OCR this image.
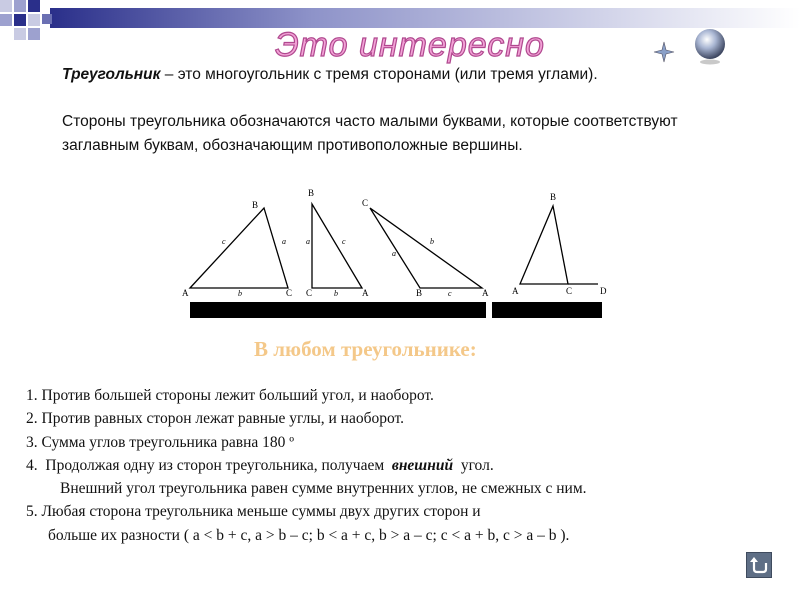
Это интересно
Треугольник – это многоугольник с тремя сторонами (или тремя углами).
Стороны треугольника обозначаются часто малыми буквами, которые соответствуют заглавным буквам, обозначающим противоположные вершины.
B
A	C
c	a
b
B
C	A
a	c
b
C
B	A
a
b
c
B
A	C	D
В любом треугольнике:
1. Против большей стороны лежит больший угол, и наоборот.
2. Против равных сторон лежат равные углы, и наоборот.
3. Сумма углов треугольника равна 180 º
4.  Продолжая одну из сторон треугольника, получаем  внешний  угол.
Внешний угол треугольника равен сумме внутренних углов, не смежных с ним.
5. Любая сторона треугольника меньше суммы двух других сторон и
больше их разности ( a < b + c, a > b – c; b < a + c, b > a – c; c < a + b, c > a – b ).
